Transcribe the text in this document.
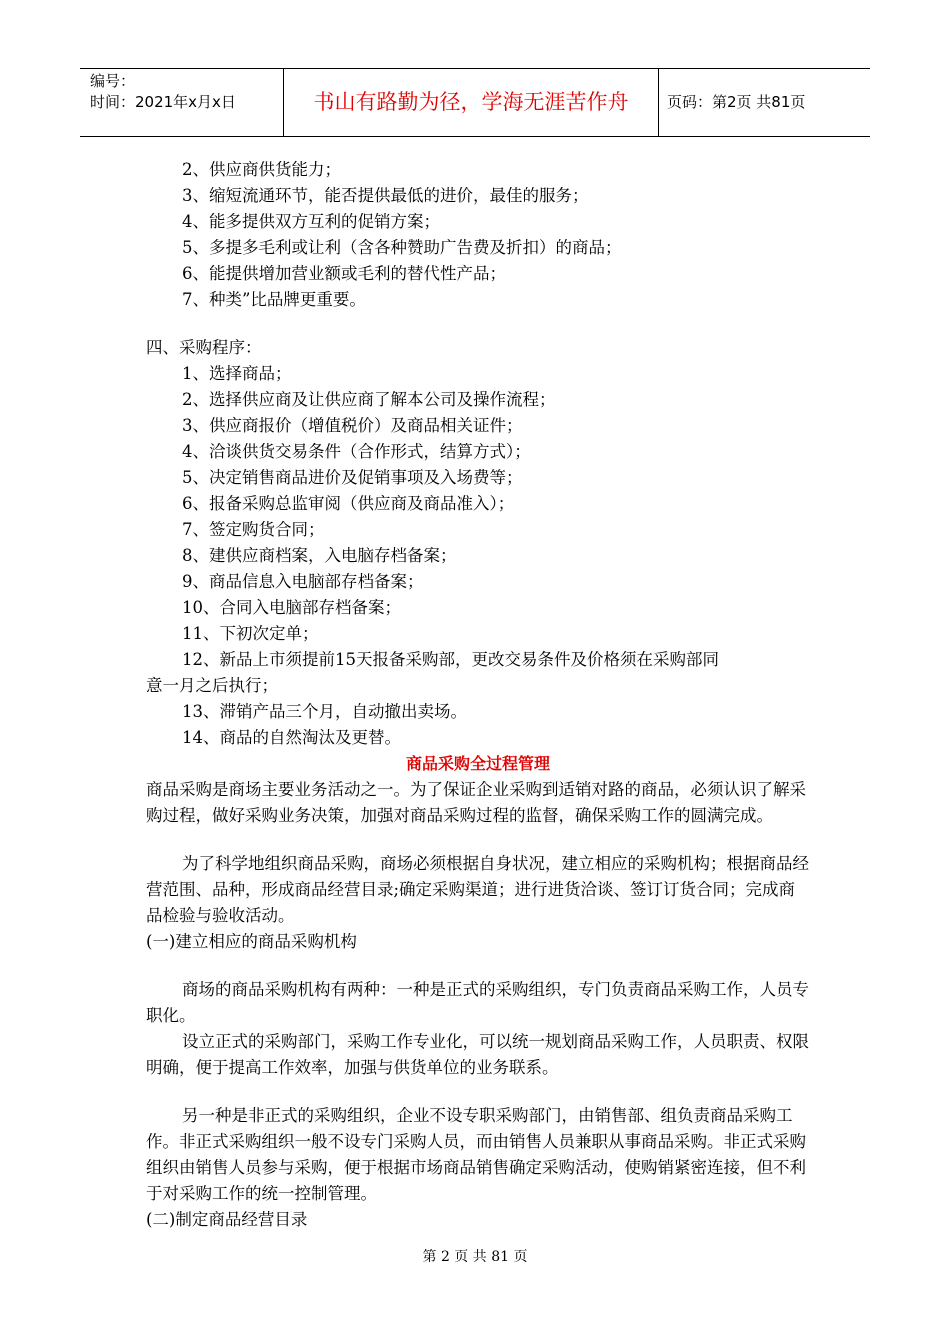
编号：
时间：2021年x月x日	书山有路勤为径，学海无涯苦作舟	页码：第2页 共81页

2、供应商供货能力；

3、缩短流通环节，能否提供最低的进价，最佳的服务；

4、能多提供双方互利的促销方案；

5、多提多毛利或让利（含各种赞助广告费及折扣）的商品；

6、能提供增加营业额或毛利的替代性产品；

7、种类”比品牌更重要。

四、采购程序：

1、选择商品；

2、选择供应商及让供应商了解本公司及操作流程；

3、供应商报价（增值税价）及商品相关证件；

4、洽谈供货交易条件（合作形式，结算方式）；

5、决定销售商品进价及促销事项及入场费等；

6、报备采购总监审阅（供应商及商品准入）；

7、签定购货合同；

8、建供应商档案，入电脑存档备案；

9、商品信息入电脑部存档备案；

10、合同入电脑部存档备案；

11、下初次定单；

12、新品上市须提前15天报备采购部，更改交易条件及价格须在采购部同

意一月之后执行；

13、滞销产品三个月，自动撤出卖场。

14、商品的自然淘汰及更替。

商品采购全过程管理

商品采购是商场主要业务活动之一。为了保证企业采购到适销对路的商品，必须认识了解采购过程，做好采购业务决策，加强对商品采购过程的监督，确保采购工作的圆满完成。

为了科学地组织商品采购，商场必须根据自身状况，建立相应的采购机构；根据商品经营范围、品种，形成商品经营目录;确定采购渠道；进行进货洽谈、签订订货合同；完成商品检验与验收活动。

(一)建立相应的商品采购机构

商场的商品采购机构有两种：一种是正式的采购组织，专门负责商品采购工作，人员专职化。

设立正式的采购部门，采购工作专业化，可以统一规划商品采购工作，人员职责、权限明确，便于提高工作效率，加强与供货单位的业务联系。

另一种是非正式的采购组织，企业不设专职采购部门，由销售部、组负责商品采购工作。非正式采购组织一般不设专门采购人员，而由销售人员兼职从事商品采购。非正式采购组织由销售人员参与采购，便于根据市场商品销售确定采购活动，使购销紧密连接，但不利于对采购工作的统一控制管理。

(二)制定商品经营目录

第 2 页 共 81 页
